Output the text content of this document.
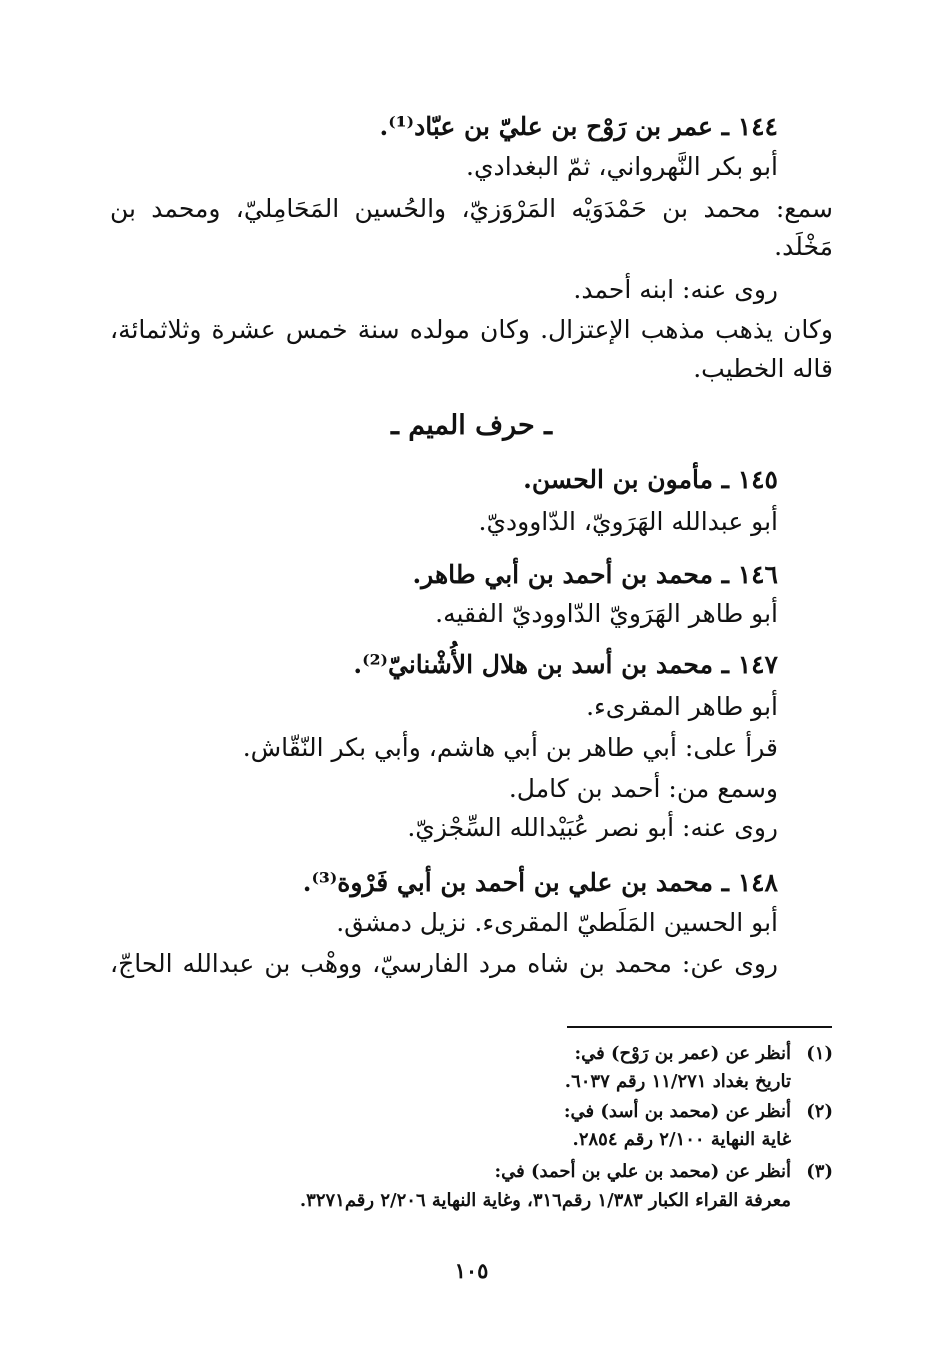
١٤٤ ـ عمر بن رَوْح بن عليّ بن عبّاد⁽¹⁾.
أبو بكر النَّهرواني، ثمّ البغدادي.
سمع: محمد بن حَمْدَوَيْه المَرْوَزيّ، والحُسين المَحَامِليّ، ومحمد بن
مَخْلَد.
روى عنه: ابنه أحمد.
وكان يذهب مذهب الإعتزال. وكان مولده سنة خمس عشرة وثلاثمائة،
قاله الخطيب.
ـ حرف الميم ـ
١٤٥ ـ مأمون بن الحسن.
أبو عبدالله الهَرَويّ، الدّاووديّ.
١٤٦ ـ محمد بن أحمد بن أبي طاهر.
أبو طاهر الهَرَويّ الدّاووديّ الفقيه.
١٤٧ ـ محمد بن أسد بن هلال الأُشْنانيّ⁽²⁾.
أبو طاهر المقرىء.
قرأ على: أبي طاهر بن أبي هاشم، وأبي بكر النّقّاش.
وسمع من: أحمد بن كامل.
روى عنه: أبو نصر عُبَيْدالله السِّجْزيّ.
١٤٨ ـ محمد بن علي بن أحمد بن أبي فَرْوة⁽³⁾.
أبو الحسين المَلَطيّ المقرىء. نزيل دمشق.
روى عن: محمد بن شاه مرد الفارسيّ، ووهْب بن عبدالله الحاجّ،
(١)
أنظر عن (عمر بن رَوْح) في:
تاريخ بغداد ١١/٢٧١ رقم ٦٠٣٧.
(٢)
أنظر عن (محمد بن أسد) في:
غاية النهاية ٢/١٠٠ رقم ٢٨٥٤.
(٣)
أنظر عن (محمد بن علي بن أحمد) في:
معرفة القراء الكبار ١/٣٨٣ رقم٣١٦، وغاية النهاية ٢/٢٠٦ رقم٣٢٧١.
١٠٥
